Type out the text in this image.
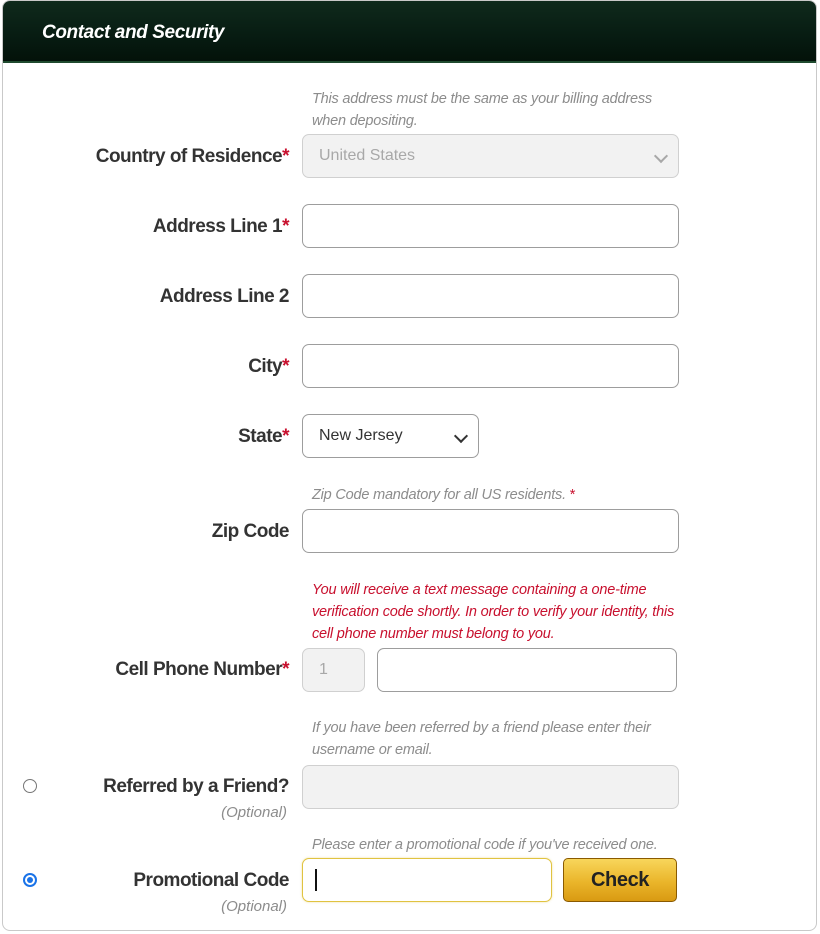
Contact and Security
This address must be the same as your billing address when depositing.
Country of Residence* United States
Address Line 1*
Address Line 2
City*
State* New Jersey
Zip Code mandatory for all US residents. *
Zip Code
You will receive a text message containing a one-time verification code shortly. In order to verify your identity, this cell phone number must belong to you.
Cell Phone Number* 1
If you have been referred by a friend please enter their username or email.
Referred by a Friend?
(Optional)
Please enter a promotional code if you've received one.
Promotional Code
(Optional)
Check
